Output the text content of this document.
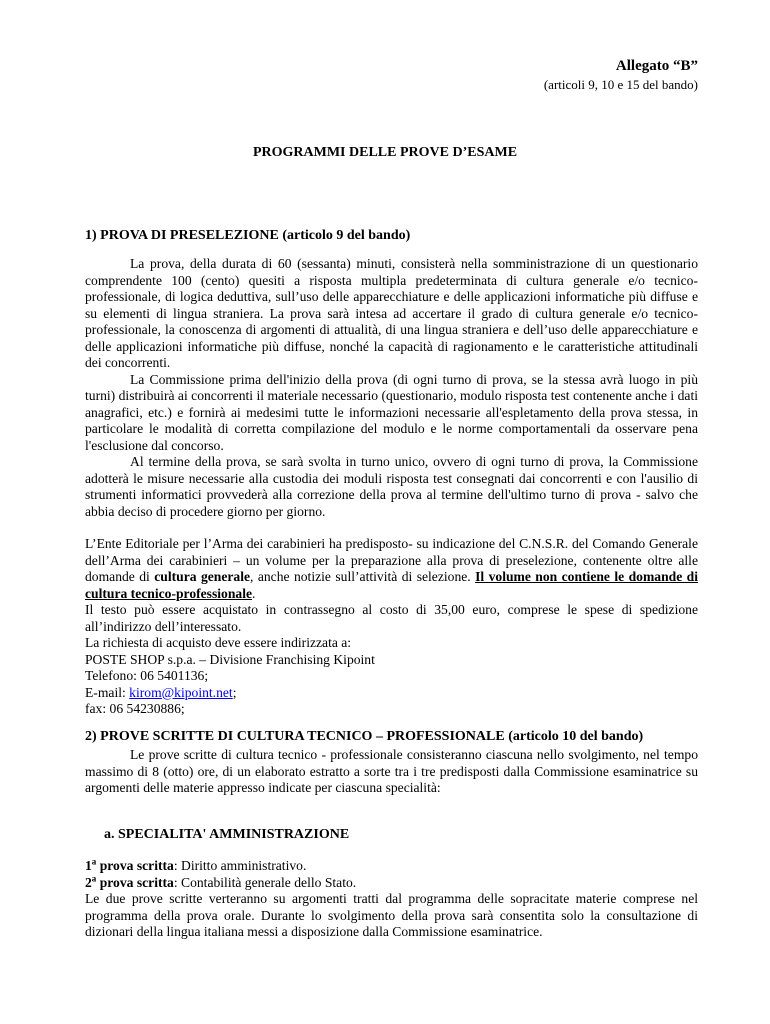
Allegato “B”
(articoli 9, 10 e 15 del bando)
PROGRAMMI DELLE PROVE D’ESAME
1) PROVA DI PRESELEZIONE (articolo 9 del bando)

La prova, della durata di 60 (sessanta) minuti, consisterà nella somministrazione di un questionario comprendente 100 (cento) quesiti a risposta multipla predeterminata di cultura generale e/o tecnico-professionale, di logica deduttiva, sull’uso delle apparecchiature e delle applicazioni informatiche più diffuse e su elementi di lingua straniera. La prova sarà intesa ad accertare il grado di cultura generale e/o tecnico-professionale, la conoscenza di argomenti di attualità, di una lingua straniera e dell’uso delle apparecchiature e delle applicazioni informatiche più diffuse, nonché la capacità di ragionamento e le caratteristiche attitudinali dei concorrenti.

La Commissione prima dell'inizio della prova (di ogni turno di prova, se la stessa avrà luogo in più turni) distribuirà ai concorrenti il materiale necessario (questionario, modulo risposta test contenente anche i dati anagrafici, etc.) e fornirà ai medesimi tutte le informazioni necessarie all'espletamento della prova stessa, in particolare le modalità di corretta compilazione del modulo e le norme comportamentali da osservare pena l'esclusione dal concorso.

Al termine della prova, se sarà svolta in turno unico, ovvero di ogni turno di prova, la Commissione adotterà le misure necessarie alla custodia dei moduli risposta test consegnati dai concorrenti e con l'ausilio di strumenti informatici provvederà alla correzione della prova al termine dell'ultimo turno di prova - salvo che abbia deciso di procedere giorno per giorno.

L’Ente Editoriale per l’Arma dei carabinieri ha predisposto- su indicazione del C.N.S.R. del Comando Generale dell’Arma dei carabinieri – un volume per la preparazione alla prova di preselezione, contenente oltre alle domande di cultura generale, anche notizie sull’attività di selezione. Il volume non contiene le domande di cultura tecnico-professionale.

Il testo può essere acquistato in contrassegno al costo di 35,00 euro, comprese le spese di spedizione all’indirizzo dell’interessato.

La richiesta di acquisto deve essere indirizzata a:

POSTE SHOP s.p.a. – Divisione Franchising Kipoint

Telefono: 06 5401136;

E-mail: kirom@kipoint.net;

fax: 06 54230886;

2) PROVE SCRITTE DI CULTURA TECNICO – PROFESSIONALE (articolo 10 del bando)

Le prove scritte di cultura tecnico - professionale consisteranno ciascuna nello svolgimento, nel tempo massimo di 8 (otto) ore, di un elaborato estratto a sorte tra i tre predisposti dalla Commissione esaminatrice su argomenti delle materie appresso indicate per ciascuna specialità:

a. SPECIALITA' AMMINISTRAZIONE

1$^a$ prova scritta: Diritto amministrativo.

2$^a$ prova scritta: Contabilità generale dello Stato.

Le due prove scritte verteranno su argomenti tratti dal programma delle sopracitate materie comprese nel programma della prova orale. Durante lo svolgimento della prova sarà consentita solo la consultazione di dizionari della lingua italiana messi a disposizione dalla Commissione esaminatrice.
